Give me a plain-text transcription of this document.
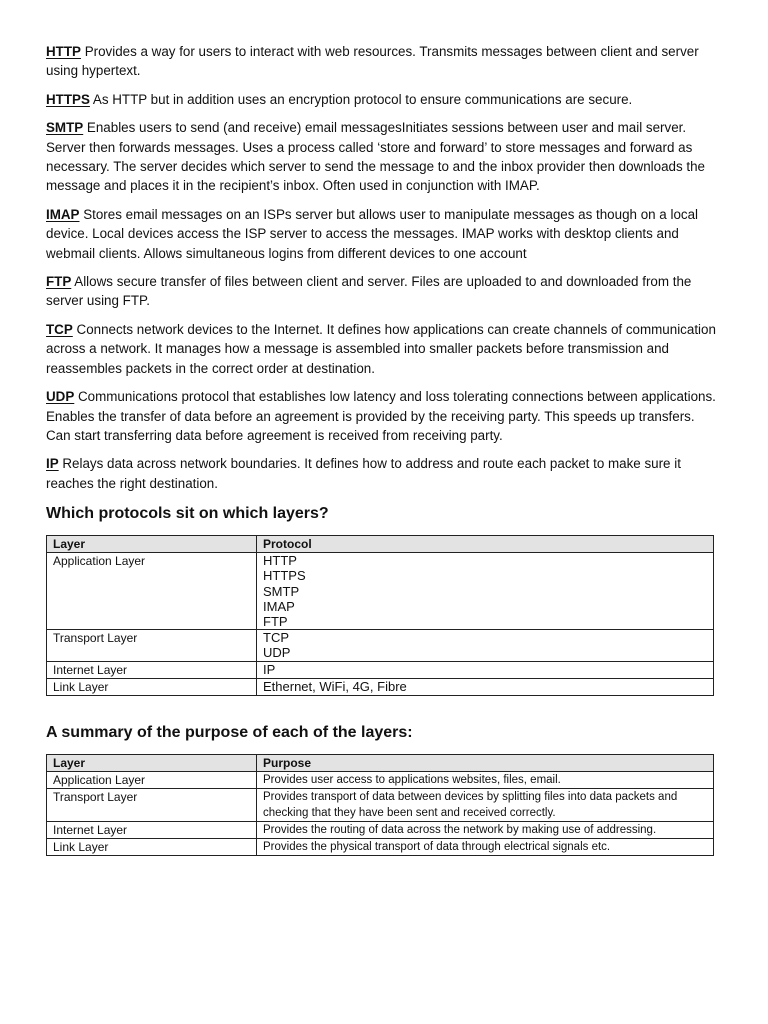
HTTP Provides a way for users to interact with web resources. Transmits messages between client and server using hypertext.

HTTPS As HTTP but in addition uses an encryption protocol to ensure communications are secure.

SMTP Enables users to send (and receive) email messagesInitiates sessions between user and mail server. Server then forwards messages. Uses a process called ‘store and forward’ to store messages and forward as necessary. The server decides which server to send the message to and the inbox provider then downloads the message and places it in the recipient’s inbox. Often used in conjunction with IMAP.

IMAP Stores email messages on an ISPs server but allows user to manipulate messages as though on a local device. Local devices access the ISP server to access the messages. IMAP works with desktop clients and webmail clients. Allows simultaneous logins from different devices to one account

FTP Allows secure transfer of files between client and server. Files are uploaded to and downloaded from the server using FTP.

TCP Connects network devices to the Internet. It defines how applications can create channels of communication across a network. It manages how a message is assembled into smaller packets before transmission and reassembles packets in the correct order at destination.

UDP Communications protocol that establishes low latency and loss tolerating connections between applications. Enables the transfer of data before an agreement is provided by the receiving party. This speeds up transfers. Can start transferring data before agreement is received from receiving party.

IP Relays data across network boundaries. It defines how to address and route each packet to make sure it reaches the right destination.

Which protocols sit on which layers?
Layer	Protocol
Application Layer	HTTP
HTTPS
SMTP
IMAP
FTP

Transport Layer	TCP
UDP

Internet Layer	IP

Link Layer	Ethernet, WiFi, 4G, Fibre
A summary of the purpose of each of the layers:
Layer	Purpose
Application Layer	Provides user access to applications websites, files, email.
Transport Layer	Provides transport of data between devices by splitting files into data packets and checking that they have been sent and received correctly.
Internet Layer	Provides the routing of data across the network by making use of addressing.
Link Layer	Provides the physical transport of data through electrical signals etc.
